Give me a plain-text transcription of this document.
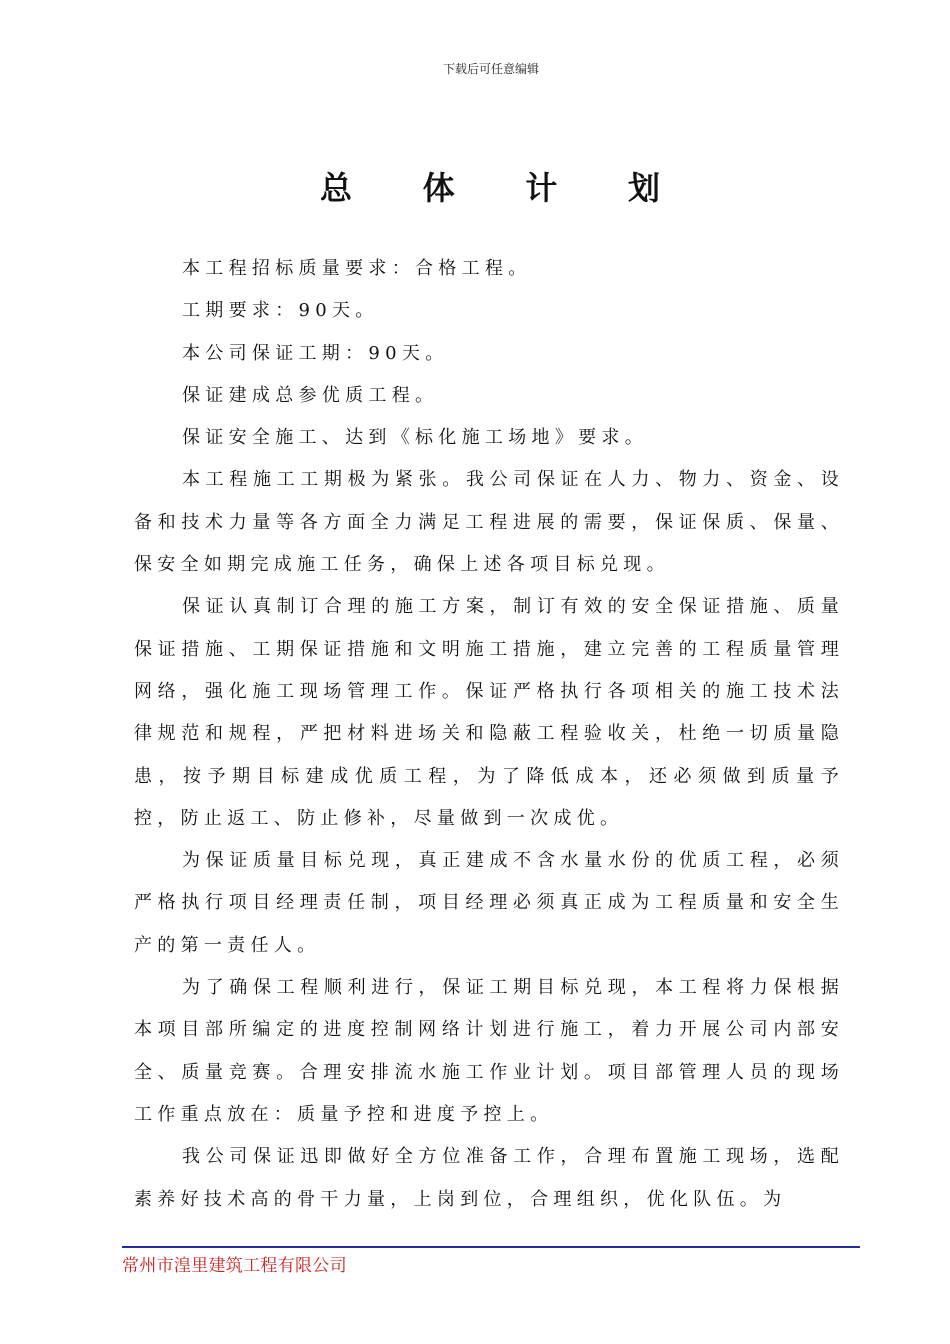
下载后可任意编辑
总 体 计 划

本工程招标质量要求：合格工程。

工期要求：90天。

本公司保证工期：90天。

保证建成总参优质工程。

保证安全施工、达到《标化施工场地》要求。

本工程施工工期极为紧张。我公司保证在人力、物力、资金、设备和技术力量等各方面全力满足工程进展的需要，保证保质、保量、保安全如期完成施工任务，确保上述各项目标兑现。

保证认真制订合理的施工方案，制订有效的安全保证措施、质量保证措施、工期保证措施和文明施工措施，建立完善的工程质量管理网络，强化施工现场管理工作。保证严格执行各项相关的施工技术法律规范和规程，严把材料进场关和隐蔽工程验收关，杜绝一切质量隐患，按予期目标建成优质工程，为了降低成本，还必须做到质量予控，防止返工、防止修补，尽量做到一次成优。

为保证质量目标兑现，真正建成不含水量水份的优质工程，必须严格执行项目经理责任制，项目经理必须真正成为工程质量和安全生产的第一责任人。

为了确保工程顺利进行，保证工期目标兑现，本工程将力保根据本项目部所编定的进度控制网络计划进行施工，着力开展公司内部安全、质量竞赛。合理安排流水施工作业计划。项目部管理人员的现场工作重点放在：质量予控和进度予控上。

我公司保证迅即做好全方位准备工作，合理布置施工现场，选配素养好技术高的骨干力量，上岗到位，合理组织，优化队伍。为

常州市湟里建筑工程有限公司
